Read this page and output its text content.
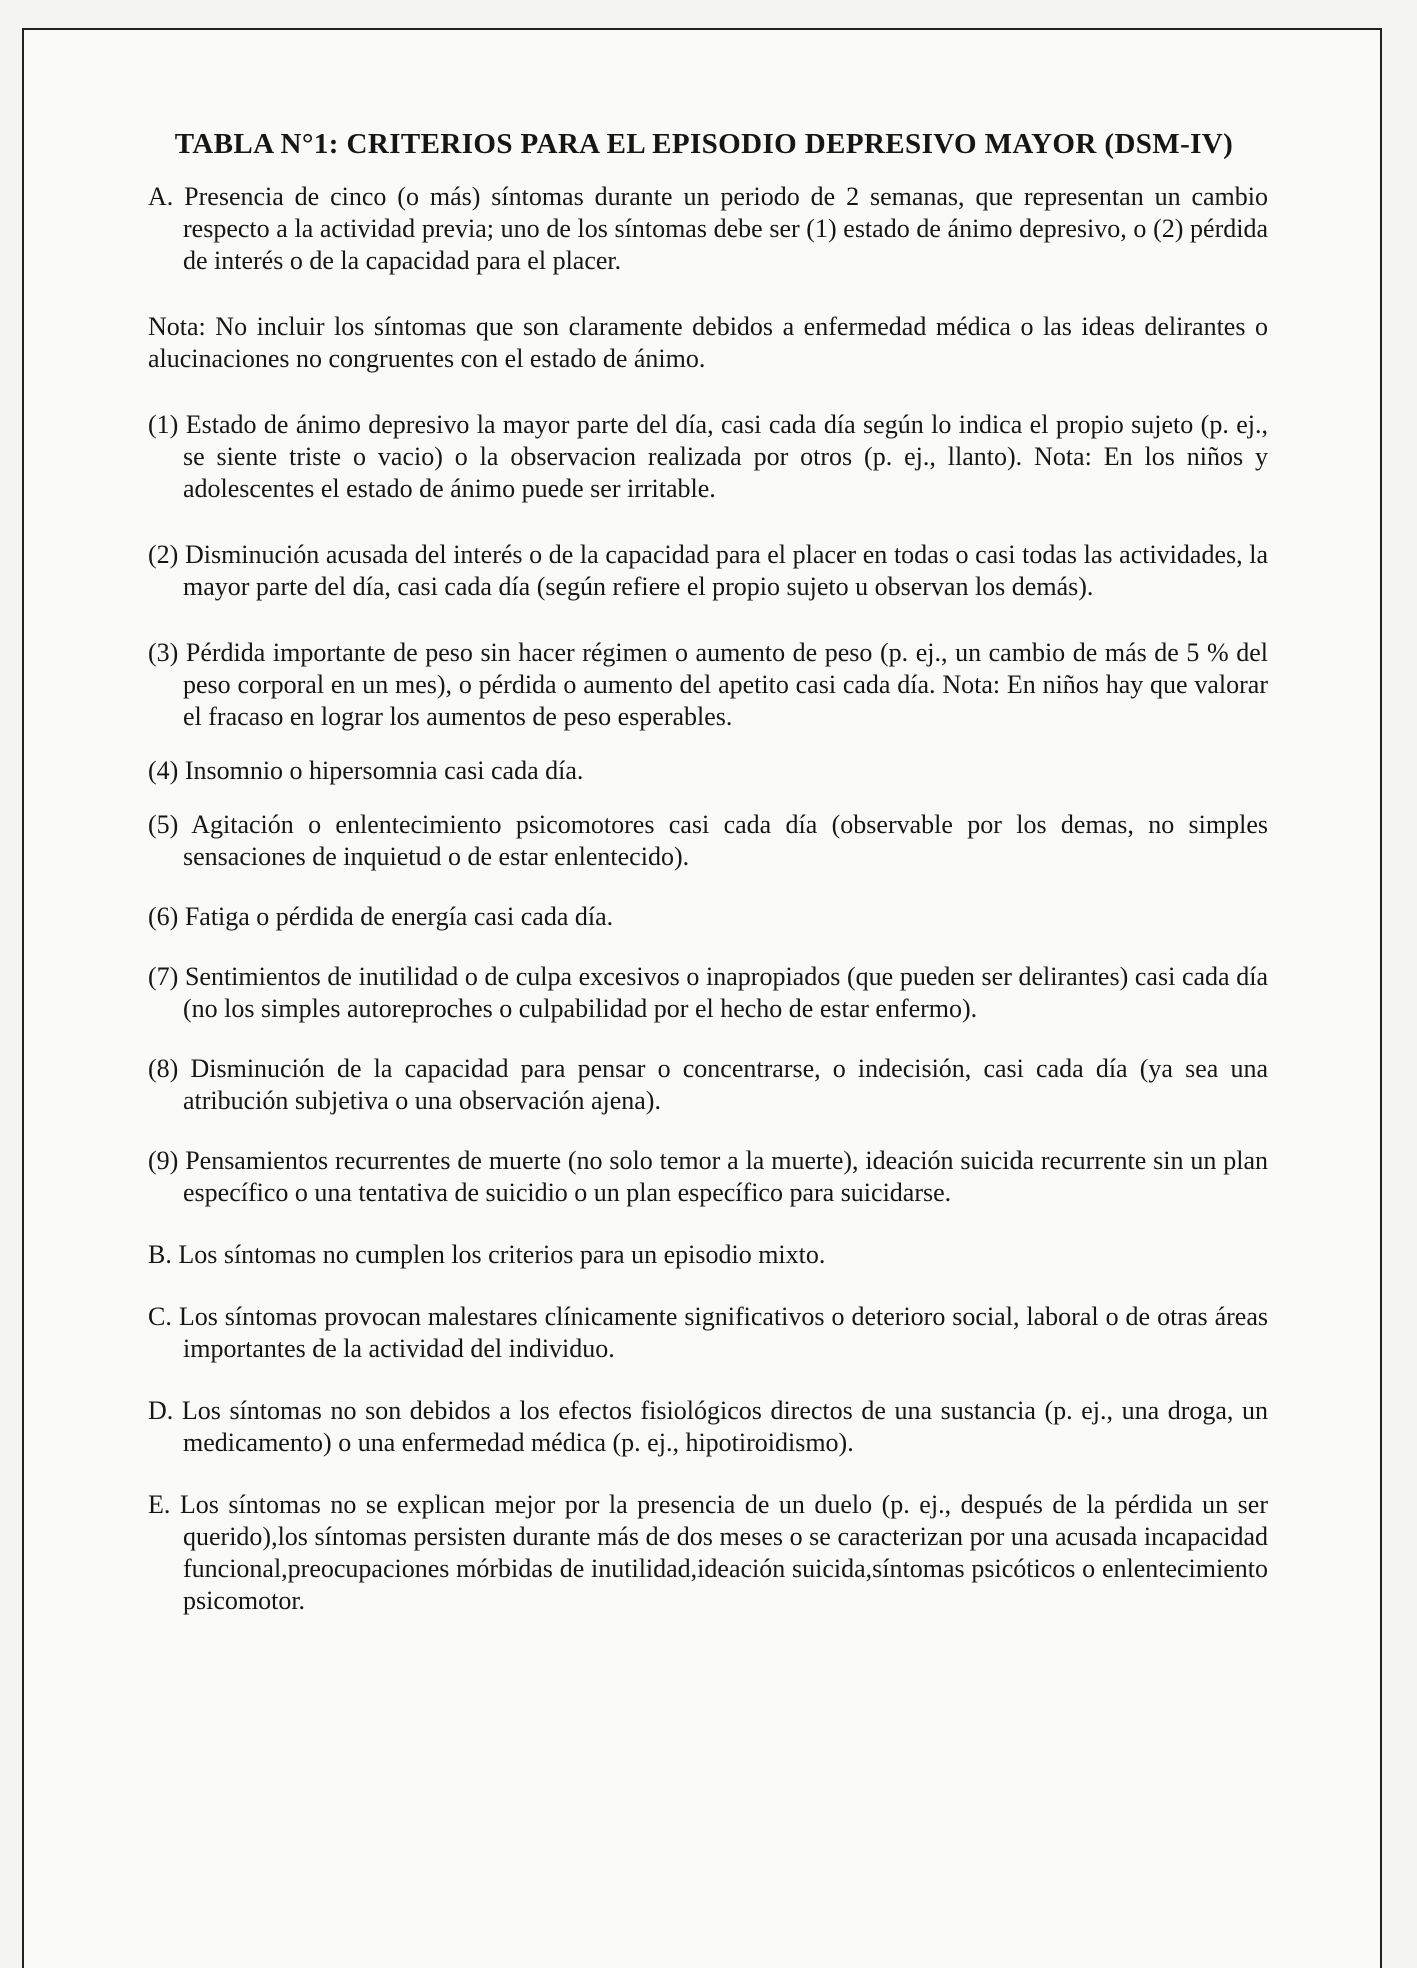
TABLA N°1: CRITERIOS PARA EL EPISODIO DEPRESIVO MAYOR (DSM-IV)

A. Presencia de cinco (o más) síntomas durante un periodo de 2 semanas, que representan un cambio respecto a la actividad previa; uno de los síntomas debe ser (1) estado de ánimo depresivo, o (2) pérdida de interés o de la capacidad para el placer.

Nota: No incluir los síntomas que son claramente debidos a enfermedad médica o las ideas delirantes o alucinaciones no congruentes con el estado de ánimo.

(1) Estado de ánimo depresivo la mayor parte del día, casi cada día según lo indica el propio sujeto (p. ej., se siente triste o vacio) o la observacion realizada por otros (p. ej., llanto). Nota: En los niños y adolescentes el estado de ánimo puede ser irritable.

(2) Disminución acusada del interés o de la capacidad para el placer en todas o casi todas las actividades, la mayor parte del día, casi cada día (según refiere el propio sujeto u observan los demás).

(3) Pérdida importante de peso sin hacer régimen o aumento de peso (p. ej., un cambio de más de 5 % del peso corporal en un mes), o pérdida o aumento del apetito casi cada día. Nota: En niños hay que valorar el fracaso en lograr los aumentos de peso esperables.

(4) Insomnio o hipersomnia casi cada día.

(5) Agitación o enlentecimiento psicomotores casi cada día (observable por los demas, no simples sensaciones de inquietud o de estar enlentecido).

(6) Fatiga o pérdida de energía casi cada día.

(7) Sentimientos de inutilidad o de culpa excesivos o inapropiados (que pueden ser delirantes) casi cada día (no los simples autoreproches o culpabilidad por el hecho de estar enfermo).

(8) Disminución de la capacidad para pensar o concentrarse, o indecisión, casi cada día (ya sea una atribución subjetiva o una observación ajena).

(9) Pensamientos recurrentes de muerte (no solo temor a la muerte), ideación suicida recurrente sin un plan específico o una tentativa de suicidio o un plan específico para suicidarse.

B. Los síntomas no cumplen los criterios para un episodio mixto.

C. Los síntomas provocan malestares clínicamente significativos o deterioro social, laboral o de otras áreas importantes de la actividad del individuo.

D. Los síntomas no son debidos a los efectos fisiológicos directos de una sustancia (p. ej., una droga, un medicamento) o una enfermedad médica (p. ej., hipotiroidismo).

E. Los síntomas no se explican mejor por la presencia de un duelo (p. ej., después de la pérdida un ser querido),los síntomas persisten durante más de dos meses o se caracterizan por una acusada incapacidad funcional,preocupaciones mórbidas de inutilidad,ideación suicida,síntomas psicóticos o enlentecimiento psicomotor.
